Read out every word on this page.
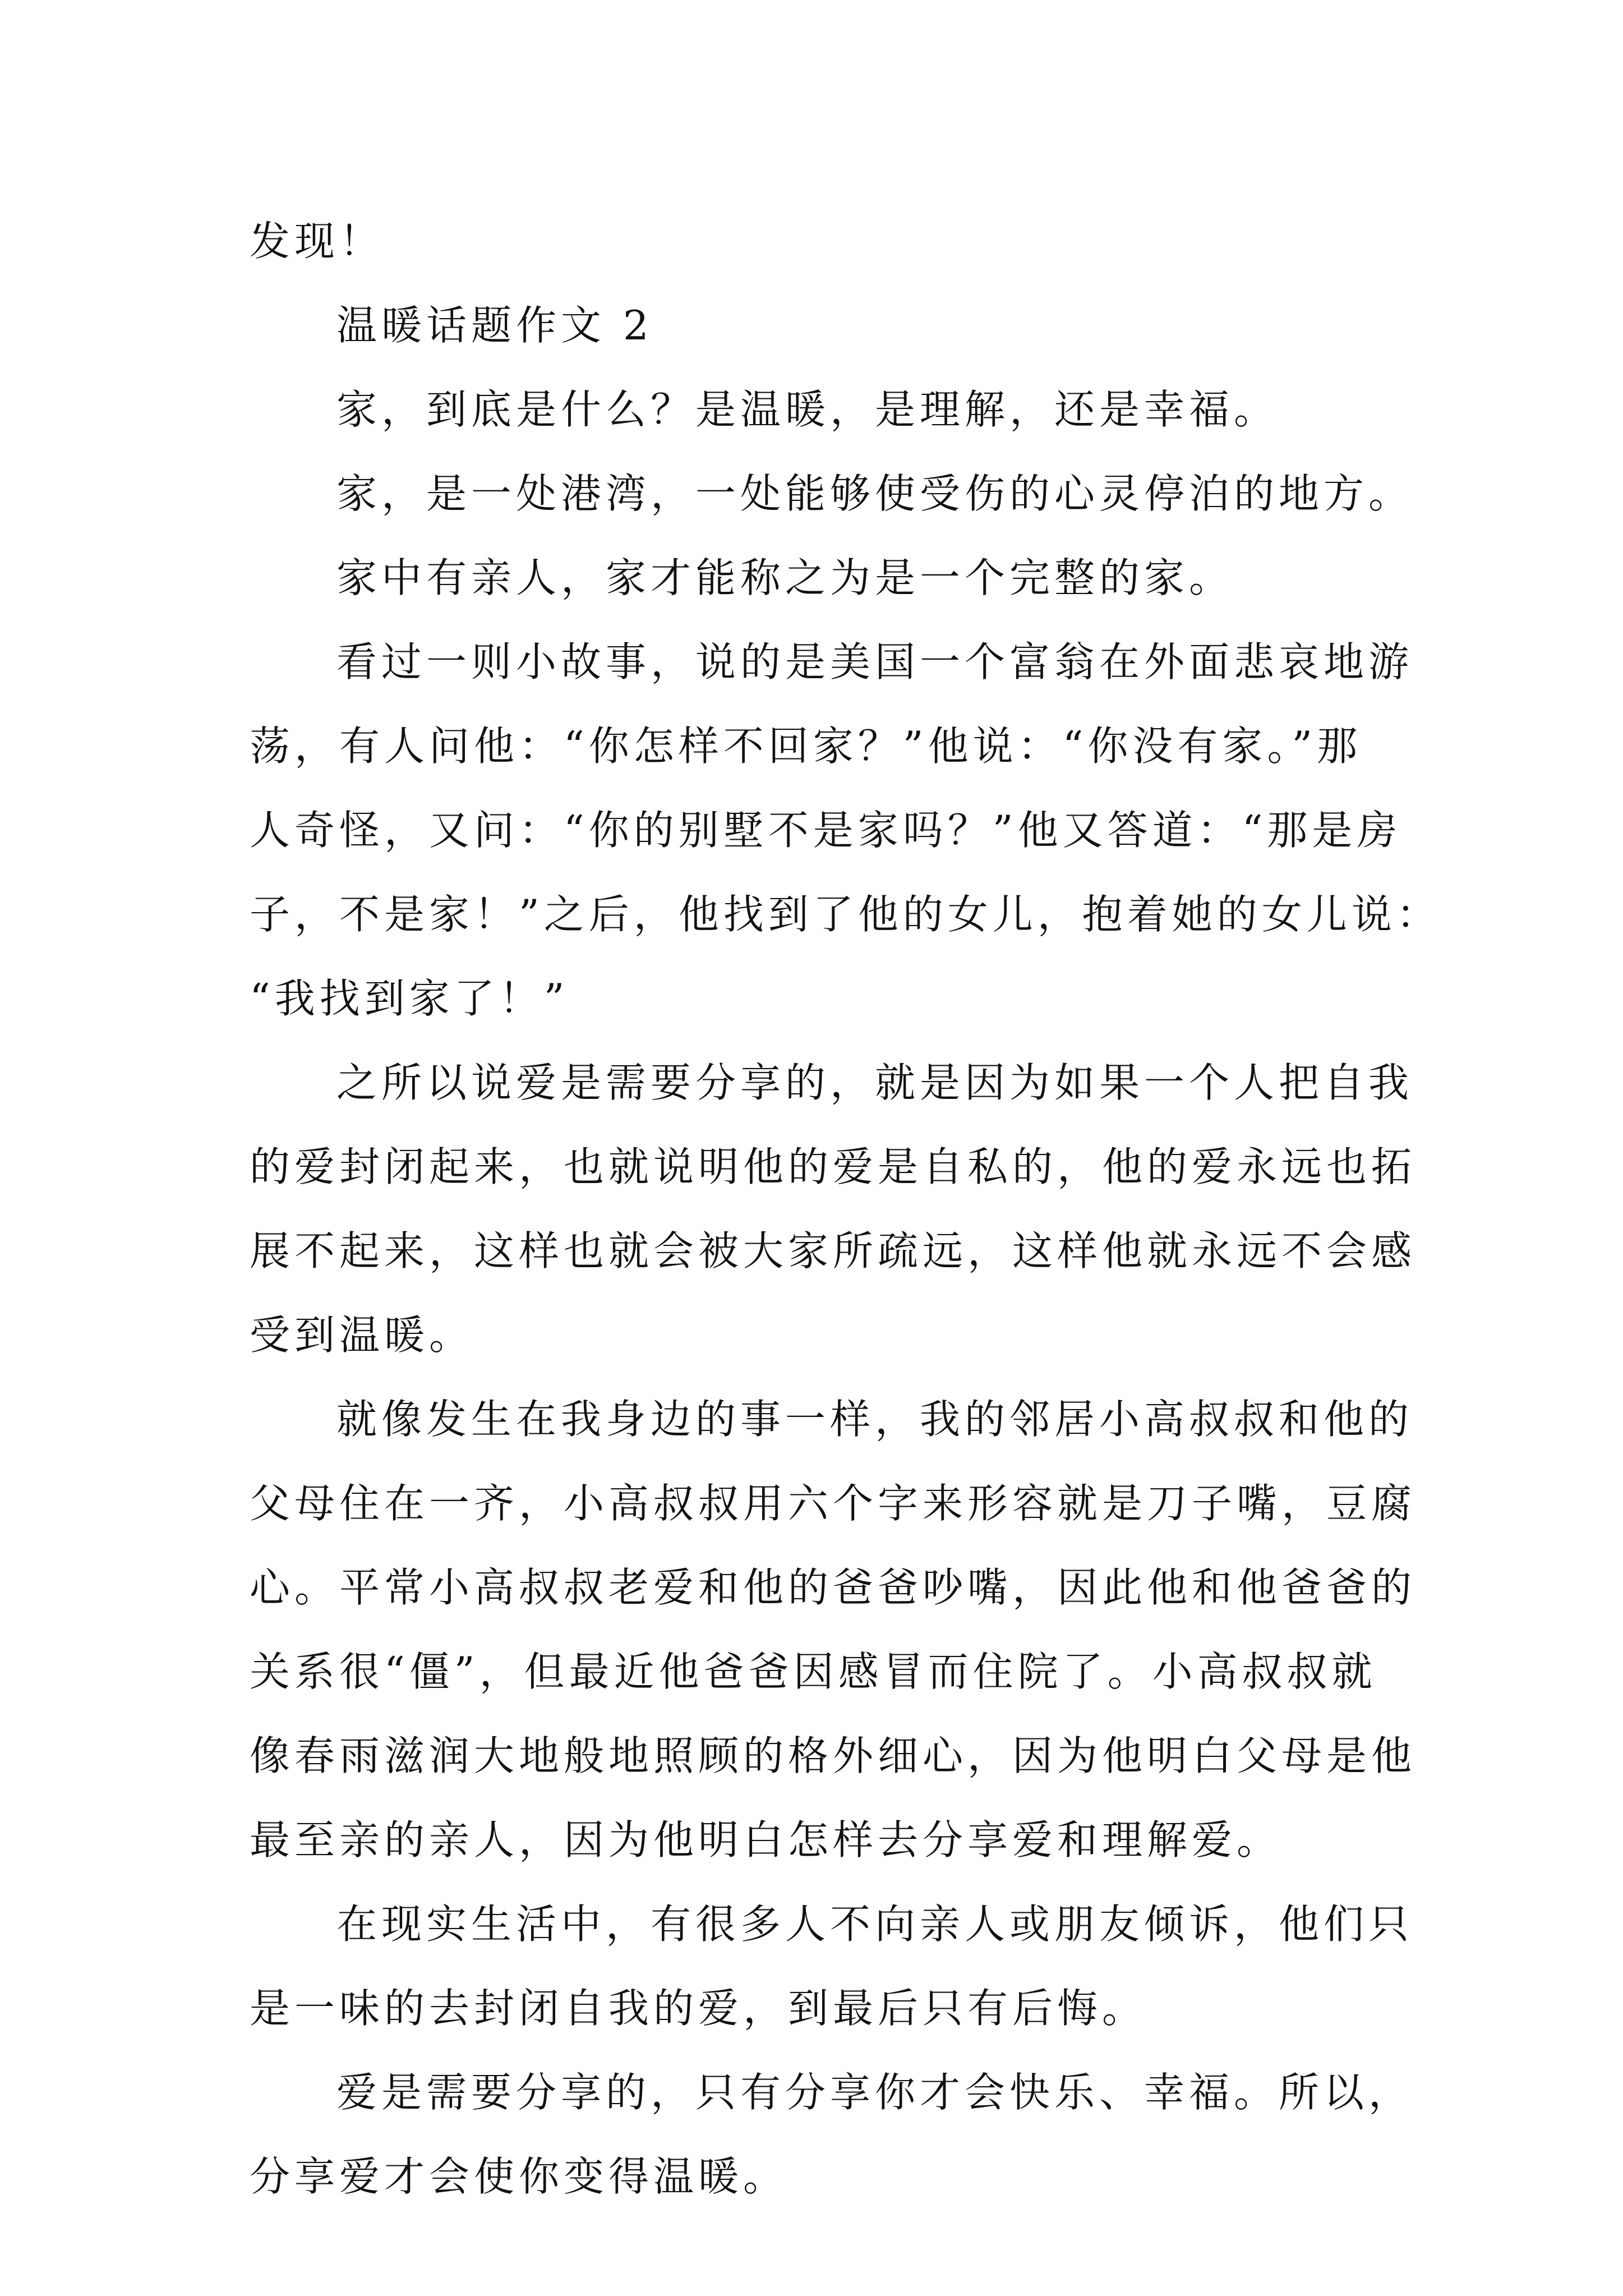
发现！
温暖话题作文 2
家，到底是什么？是温暖，是理解，还是幸福。
家，是一处港湾，一处能够使受伤的心灵停泊的地方。
家中有亲人，家才能称之为是一个完整的家。
看过一则小故事，说的是美国一个富翁在外面悲哀地游
荡，有人问他：“你怎样不回家？”他说：“你没有家。”那
人奇怪，又问：“你的别墅不是家吗？”他又答道：“那是房
子，不是家！”之后，他找到了他的女儿，抱着她的女儿说：
“我找到家了！”
之所以说爱是需要分享的，就是因为如果一个人把自我
的爱封闭起来，也就说明他的爱是自私的，他的爱永远也拓
展不起来，这样也就会被大家所疏远，这样他就永远不会感
受到温暖。
就像发生在我身边的事一样，我的邻居小高叔叔和他的
父母住在一齐，小高叔叔用六个字来形容就是刀子嘴，豆腐
心。平常小高叔叔老爱和他的爸爸吵嘴，因此他和他爸爸的
关系很“僵”，但最近他爸爸因感冒而住院了。小高叔叔就
像春雨滋润大地般地照顾的格外细心，因为他明白父母是他
最至亲的亲人，因为他明白怎样去分享爱和理解爱。
在现实生活中，有很多人不向亲人或朋友倾诉，他们只
是一味的去封闭自我的爱，到最后只有后悔。
爱是需要分享的，只有分享你才会快乐、幸福。所以，
分享爱才会使你变得温暖。
